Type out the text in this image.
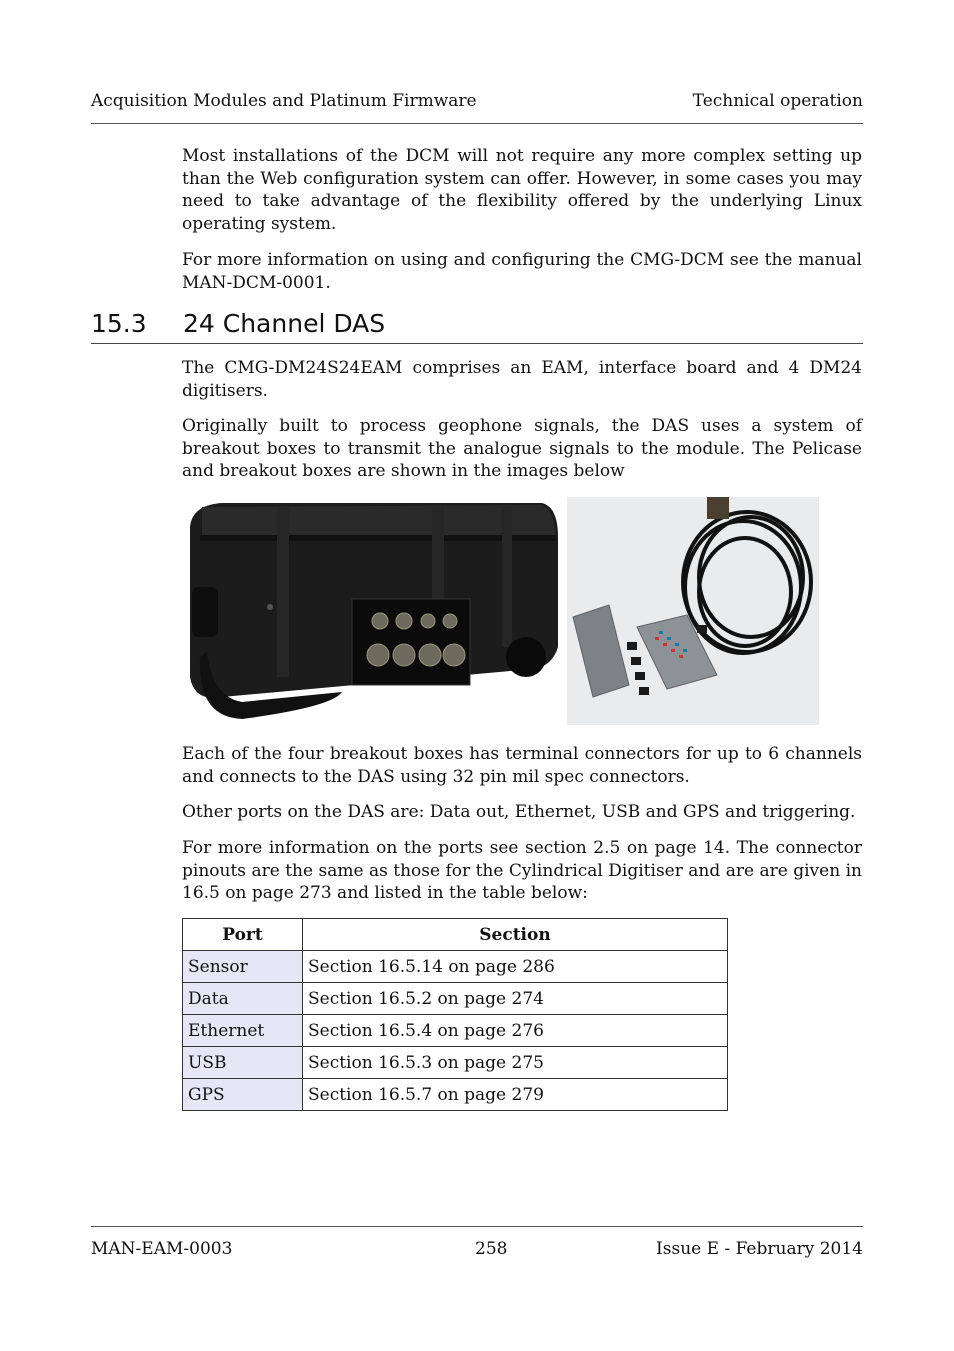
Acquisition Modules and Platinum Firmware	Technical operation

Most installations of the DCM will not require any more complex setting up than the Web configuration system can offer. However, in some cases you may need to take advantage of the flexibility offered by the underlying Linux operating system.

For more information on using and configuring the CMG-DCM see the manual MAN-DCM-0001.

15.3 24 Channel DAS

The CMG-DM24S24EAM comprises an EAM, interface board and 4 DM24 digitisers.

Originally built to process geophone signals, the DAS uses a system of breakout boxes to transmit the analogue signals to the module. The Pelicase and breakout boxes are shown in the images below

Each of the four breakout boxes has terminal connectors for up to 6 channels and connects to the DAS using 32 pin mil spec connectors.

Other ports on the DAS are: Data out, Ethernet, USB and GPS and triggering.

For more information on the ports see section 2.5 on page 14. The connector pinouts are the same as those for the Cylindrical Digitiser and are are given in 16.5 on page 273 and listed in the table below:

Port	Section
Sensor	Section 16.5.14 on page 286
Data	Section 16.5.2 on page 274
Ethernet	Section 16.5.4 on page 276
USB	Section 16.5.3 on page 275
GPS	Section 16.5.7 on page 279
MAN-EAM-0003	258	Issue E - February 2014
